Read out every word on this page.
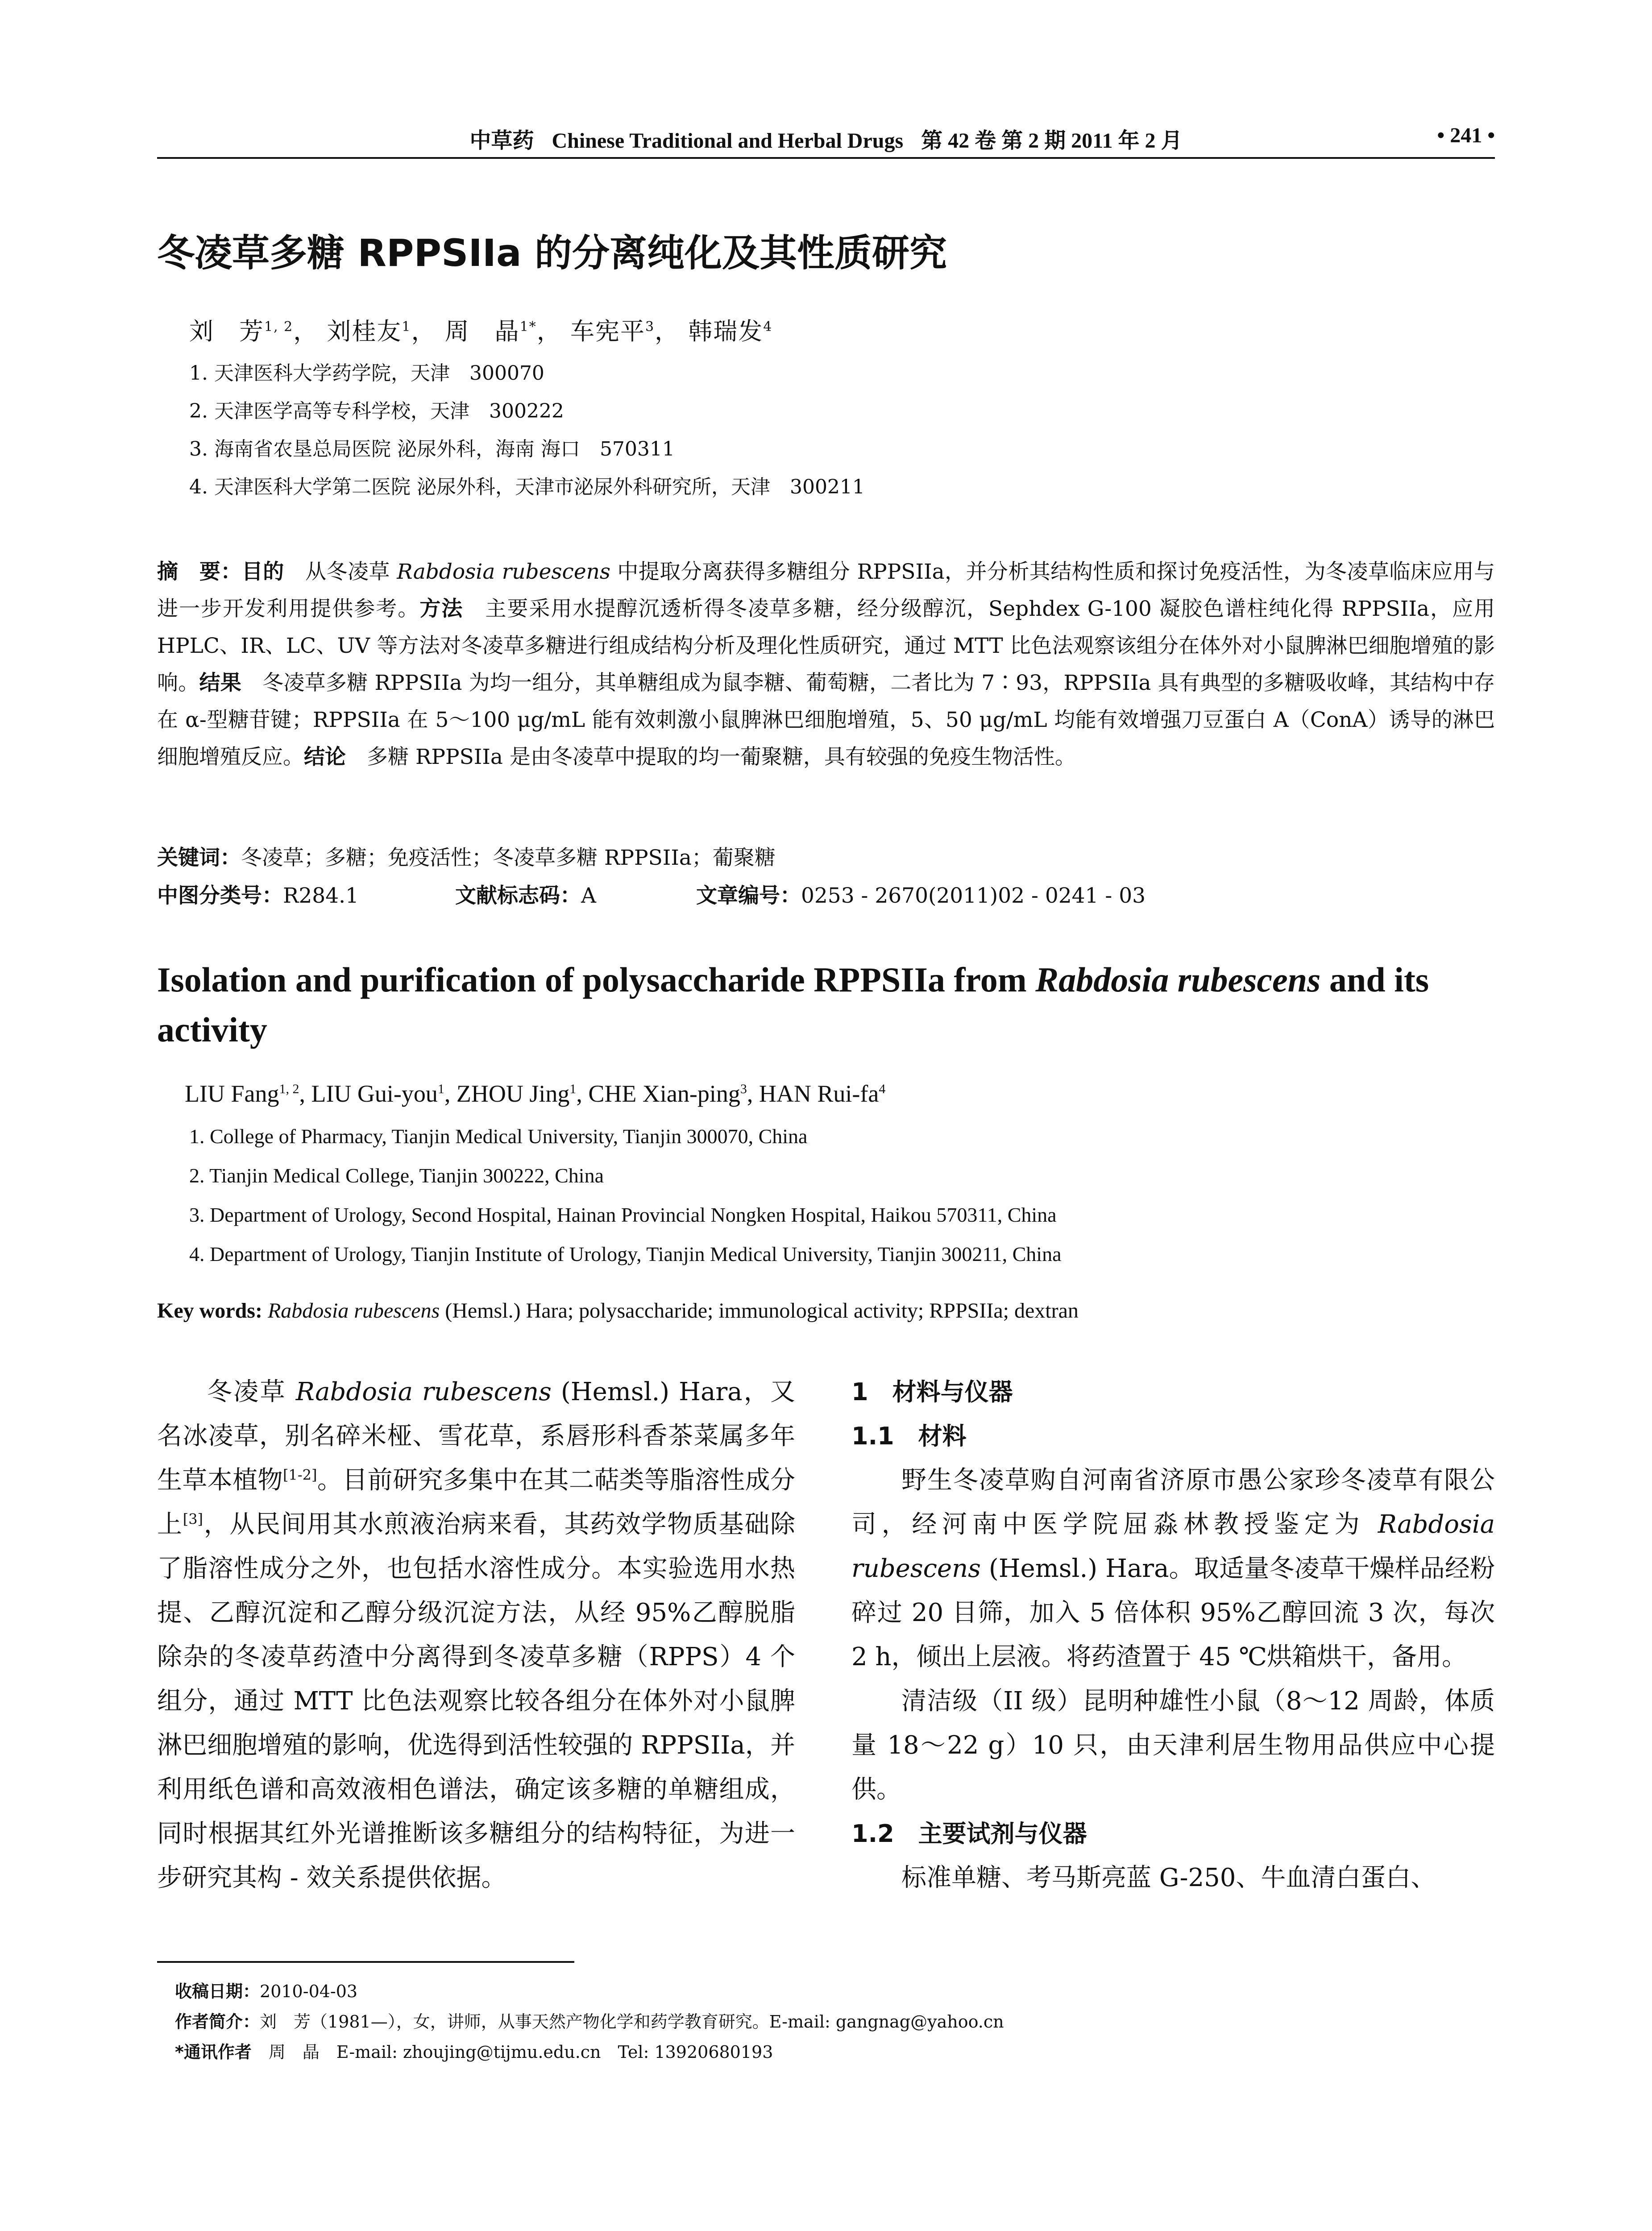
中草药 Chinese Traditional and Herbal Drugs 第 42 卷 第 2 期 2011 年 2 月	• 241 •
冬凌草多糖 RPPSIIa 的分离纯化及其性质研究
刘　芳$^{1, 2}$， 刘桂友$^1$， 周　晶$^{1*}$， 车宪平$^3$， 韩瑞发$^4$
1. 天津医科大学药学院，天津　300070
2. 天津医学高等专科学校，天津　300222
3. 海南省农垦总局医院 泌尿外科，海南 海口　570311
4. 天津医科大学第二医院 泌尿外科，天津市泌尿外科研究所，天津　300211
摘　要：目的　从冬凌草 Rabdosia rubescens 中提取分离获得多糖组分 RPPSIIa，并分析其结构性质和探讨免疫活性，为冬凌草临床应用与进一步开发利用提供参考。方法　主要采用水提醇沉透析得冬凌草多糖，经分级醇沉，Sephdex G-100 凝胶色谱柱纯化得 RPPSIIa，应用 HPLC、IR、LC、UV 等方法对冬凌草多糖进行组成结构分析及理化性质研究，通过 MTT 比色法观察该组分在体外对小鼠脾淋巴细胞增殖的影响。结果　冬凌草多糖 RPPSIIa 为均一组分，其单糖组成为鼠李糖、葡萄糖，二者比为 7∶93，RPPSIIa 具有典型的多糖吸收峰，其结构中存在 α-型糖苷键；RPPSIIa 在 5～100 μg/mL 能有效刺激小鼠脾淋巴细胞增殖，5、50 μg/mL 均能有效增强刀豆蛋白 A（ConA）诱导的淋巴细胞增殖反应。结论　多糖 RPPSIIa 是由冬凌草中提取的均一葡聚糖，具有较强的免疫生物活性。
关键词：冬凌草；多糖；免疫活性；冬凌草多糖 RPPSIIa；葡聚糖
中图分类号：R284.1	文献标志码：A	文章编号：0253 - 2670(2011)02 - 0241 - 03
Isolation and purification of polysaccharide RPPSIIa from Rabdosia rubescens and its activity
LIU Fang$^{1, 2}$, LIU Gui-you$^1$, ZHOU Jing$^1$, CHE Xian-ping$^3$, HAN Rui-$fa^4$
1. College of Pharmacy, Tianjin Medical University, Tianjin 300070, China
2. Tianjin Medical College, Tianjin 300222, China
3. Department of Urology, Second Hospital, Hainan Provincial Nongken Hospital, Haikou 570311, China
4. Department of Urology, Tianjin Institute of Urology, Tianjin Medical University, Tianjin 300211, China
Key words: Rabdosia rubescens (Hemsl.) Hara; polysaccharide; immunological activity; RPPSIIa; dextran

冬凌草 Rabdosia rubescens (Hemsl.) Hara，又名冰凌草，别名碎米桠、雪花草，系唇形科香茶菜属多年生草本植物[1-2]。目前研究多集中在其二萜类等脂溶性成分上[3]，从民间用其水煎液治病来看，其药效学物质基础除了脂溶性成分之外，也包括水溶性成分。本实验选用水热提、乙醇沉淀和乙醇分级沉淀方法，从经 95%乙醇脱脂除杂的冬凌草药渣中分离得到冬凌草多糖（RPPS）4 个组分，通过 MTT 比色法观察比较各组分在体外对小鼠脾淋巴细胞增殖的影响，优选得到活性较强的 RPPSIIa，并利用纸色谱和高效液相色谱法，确定该多糖的单糖组成，同时根据其红外光谱推断该多糖组分的结构特征，为进一步研究其构 - 效关系提供依据。

1　材料与仪器
1.1　材料

野生冬凌草购自河南省济原市愚公家珍冬凌草有限公司，经河南中医学院屈淼林教授鉴定为 Rabdosia rubescens (Hemsl.) Hara。取适量冬凌草干燥样品经粉碎过 20 目筛，加入 5 倍体积 95%乙醇回流 3 次，每次 2 h，倾出上层液。将药渣置于 45 ℃烘箱烘干，备用。

清洁级（II 级）昆明种雄性小鼠（8～12 周龄，体质量 18～22 g）10 只，由天津利居生物用品供应中心提供。

1.2　主要试剂与仪器

标准单糖、考马斯亮蓝 G-250、牛血清白蛋白、

收稿日期：2010-04-03
作者简介：刘　芳（1981—），女，讲师，从事天然产物化学和药学教育研究。E-mail: gangnag@yahoo.cn
*通讯作者　周　晶　E-mail: zhoujing@tijmu.edu.cn　Tel: 13920680193
